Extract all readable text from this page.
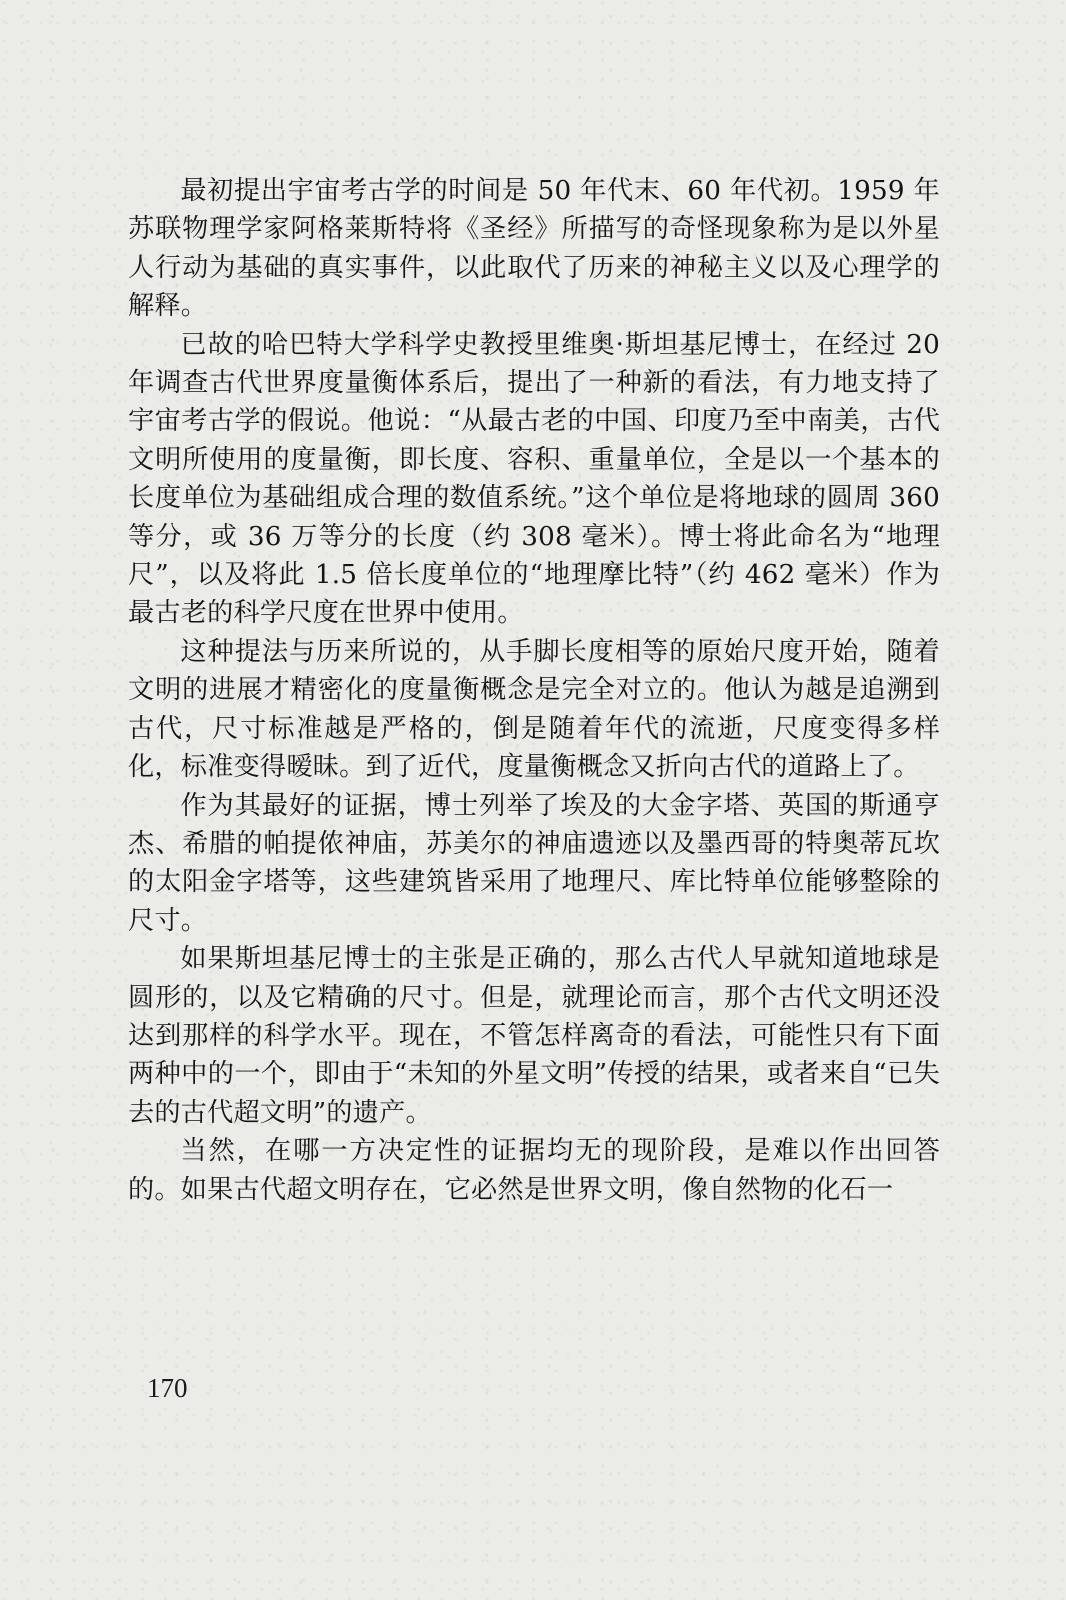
最初提出宇宙考古学的时间是 50 年代末、60 年代初。1959 年苏联物理学家阿格莱斯特将《圣经》所描写的奇怪现象称为是以外星人行动为基础的真实事件，以此取代了历来的神秘主义以及心理学的解释。

已故的哈巴特大学科学史教授里维奥·斯坦基尼博士，在经过 20 年调查古代世界度量衡体系后，提出了一种新的看法，有力地支持了宇宙考古学的假说。他说：“从最古老的中国、印度乃至中南美，古代文明所使用的度量衡，即长度、容积、重量单位，全是以一个基本的长度单位为基础组成合理的数值系统。”这个单位是将地球的圆周 360 等分，或 36 万等分的长度（约 308 毫米）。博士将此命名为“地理尺”，以及将此 1.5 倍长度单位的“地理摩比特”（约 462 毫米）作为最古老的科学尺度在世界中使用。

这种提法与历来所说的，从手脚长度相等的原始尺度开始，随着文明的进展才精密化的度量衡概念是完全对立的。他认为越是追溯到古代，尺寸标准越是严格的，倒是随着年代的流逝，尺度变得多样化，标准变得暧昧。到了近代，度量衡概念又折向古代的道路上了。

作为其最好的证据，博士列举了埃及的大金字塔、英国的斯通亨杰、希腊的帕提侬神庙，苏美尔的神庙遗迹以及墨西哥的特奥蒂瓦坎的太阳金字塔等，这些建筑皆采用了地理尺、库比特单位能够整除的尺寸。

如果斯坦基尼博士的主张是正确的，那么古代人早就知道地球是圆形的，以及它精确的尺寸。但是，就理论而言，那个古代文明还没达到那样的科学水平。现在，不管怎样离奇的看法，可能性只有下面两种中的一个，即由于“未知的外星文明”传授的结果，或者来自“已失去的古代超文明”的遗产。

当然，在哪一方决定性的证据均无的现阶段，是难以作出回答的。如果古代超文明存在，它必然是世界文明，像自然物的化石一

170
